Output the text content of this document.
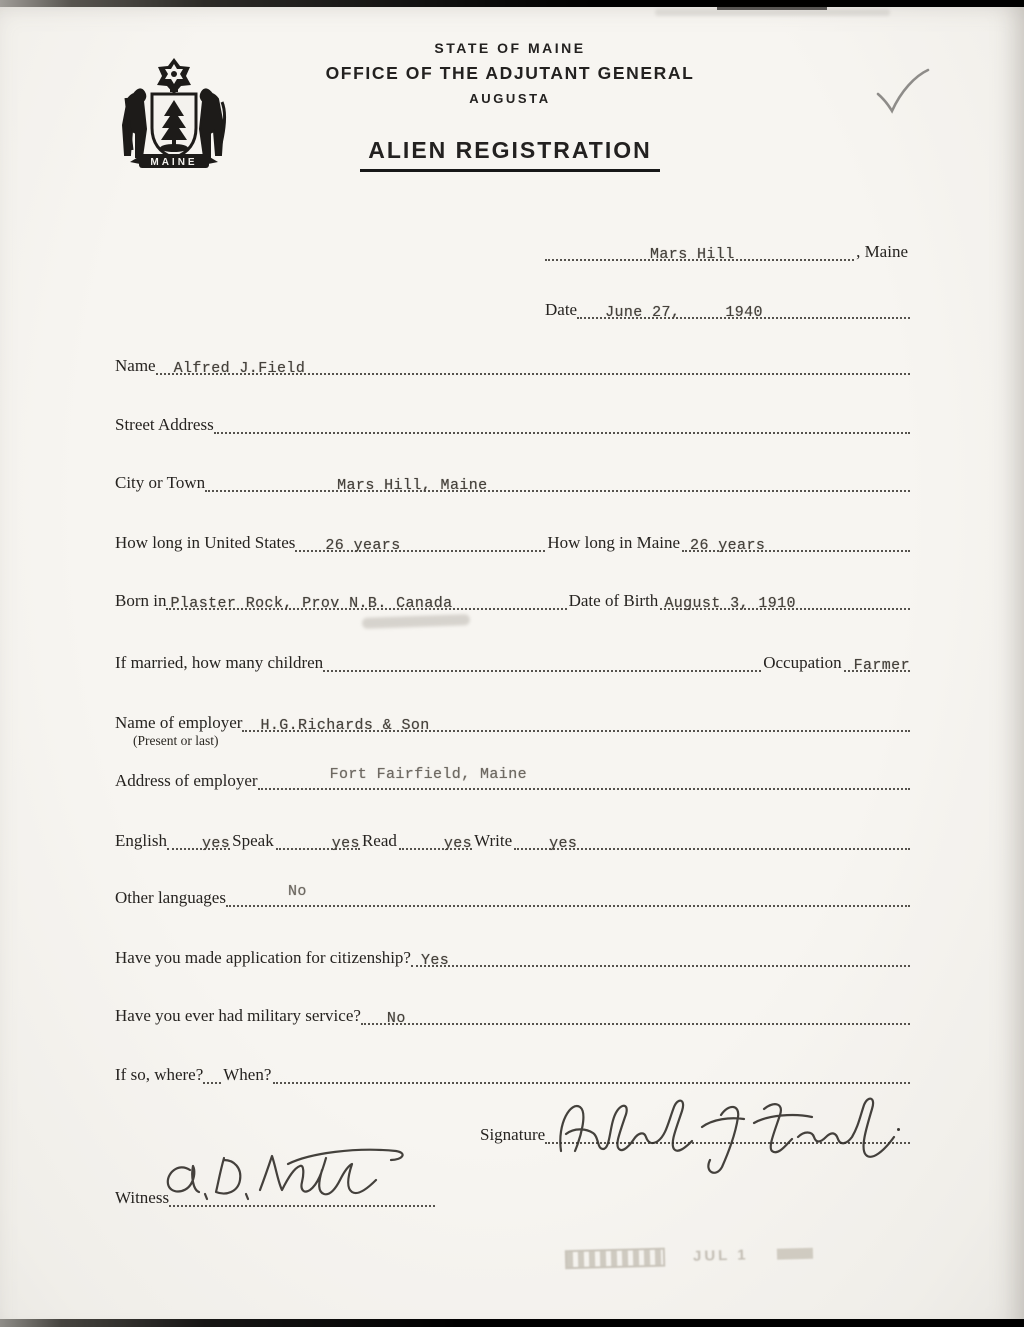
MAINE
STATE OF MAINE
OFFICE OF THE ADJUTANT GENERAL
AUGUSTA
ALIEN REGISTRATION
Mars Hill	, Maine
Date June 27,	1940
Name Alfred J.Field
Street Address
City or Town	Mars Hill, Maine
How long in United States 26 years	How long in Maine 26 years
Born in Plaster Rock, Prov N.B. Canada	Date of Birth August 3, 1910
If married, how many children	Occupation Farmer
Name of employer H.G.Richards & Son
(Present or last)
Address of employer	Fort Fairfield, Maine
English yes Speak	yes Read	yes Write yes
Other languages	No
Have you made application for citizenship? Yes
Have you ever had military service? No
If so, where? When?
Signature
Witness
JUL 1
